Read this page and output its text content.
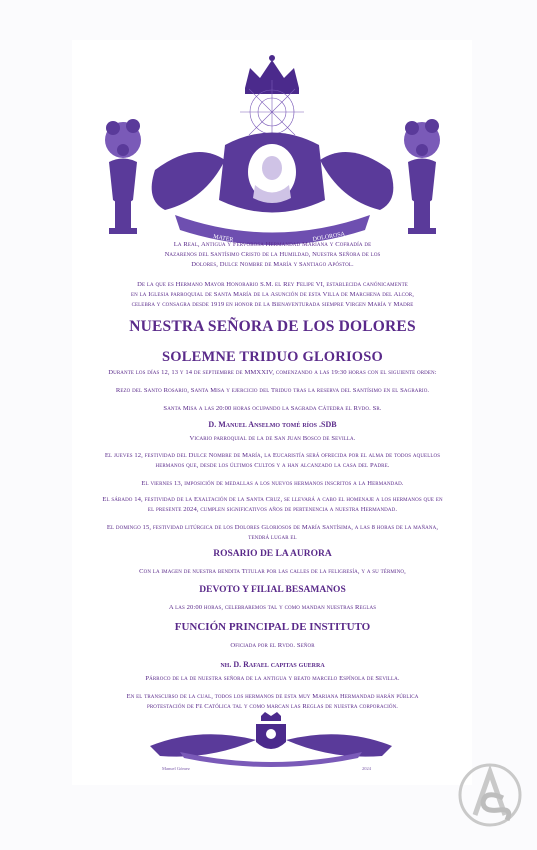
MATER	DOLOROSA

La Real, Antigua y Fervorosa Hermandad Mariana y Cofradía de

Nazarenos del Santísimo Cristo de la Humildad, Nuestra Señora de los

Dolores, Dulce Nombre de María y Santiago Apóstol.

De la que es Hermano Mayor Honorario S.M. el Rey Felipe VI, establecida canónicamente

en la Iglesia parroquial de Santa María de la Asunción de esta Villa de Marchena del Alcor,

celebra y consagra desde 1919 en honor de la Bienaventurada siempre Virgen María y Madre

NUESTRA SEÑORA DE LOS DOLORES
SOLEMNE TRIDUO GLORIOSO
Durante los días 12, 13 y 14 de septiembre de MMXXIV, comenzando a las 19:30 horas con el siguiente orden:
Rezo del Santo Rosario, Santa Misa y ejercicio del Triduo tras la reserva del Santísimo en el Sagrario.
Santa Misa a las 20:00 horas ocupando la Sagrada Cátedra el Rvdo. Sr.
D. Manuel Anselmo tomé ríos .SDB
Vicario parroquial de la de San Juan Bosco de Sevilla.

El jueves 12, festividad del Dulce Nombre de María, la Eucaristía será ofrecida por el alma de todos aquellos

hermanos que, desde los últimos Cultos y a han alcanzado la casa del Padre.

El viernes 13, imposición de medallas a los nuevos hermanos inscritos a la Hermandad.

El sábado 14, festividad de la Exaltación de la Santa Cruz, se llevará a cabo el homenaje a los hermanos que en

el presente 2024, cumplen significativos años de pertenencia a nuestra Hermandad.

El domingo 15, festividad litúrgica de los Dolores Gloriosos de María Santísima, a las 8 horas de la mañana,

tendrá lugar el

ROSARIO DE LA AURORA
Con la imagen de nuestra bendita Titular por las calles de la feligresía, y a su término,
DEVOTO Y FILIAL BESAMANOS
A las 20:00 horas, celebraremos tal y como mandan nuestras Reglas
FUNCIÓN PRINCIPAL DE INSTITUTO
Oficiada por el Rvdo. Señor
nh. D. Rafael capitas guerra
Párroco de la de nuestra señora de la antigua y beato marcelo Espínola de Sevilla.

En el transcurso de la cual, todos los hermanos de esta muy Mariana Hermandad harán pública

protestación de Fe Católica tal y como marcan las Reglas de nuestra corporación.

Manuel Gómez	2024
